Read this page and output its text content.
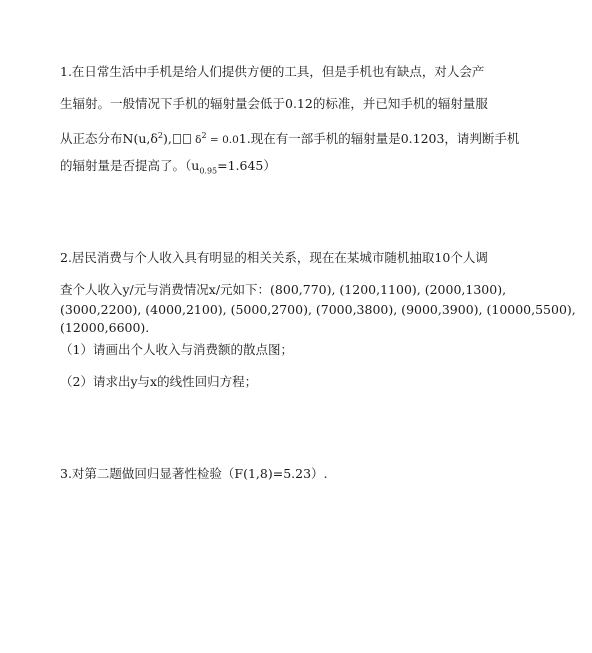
1.在日常生活中手机是给人们提供方便的工具，但是手机也有缺点，对人会产
生辐射。一般情况下手机的辐射量会低于0.12的标准，并已知手机的辐射量服
从正态分布$N(u,\delta^2)$, $\delta^2 = 0.01$.现在有一部手机的辐射量是0.1203，请判断手机
的辐射量是否提高了。$(u_{0.95}=1.645)$
2.居民消费与个人收入具有明显的相关关系，现在在某城市随机抽取10个人调
查个人收入y/元与消费情况x/元如下：(800,770), (1200,1100), (2000,1300),
(3000,2200), (4000,2100), (5000,2700), (7000,3800), (9000,3900), (10000,5500),
(12000,6600).
（1）请画出个人收入与消费额的散点图；
（2）请求出y与x的线性回归方程；
3.对第二题做回归显著性检验（F(1,8)=5.23）.
